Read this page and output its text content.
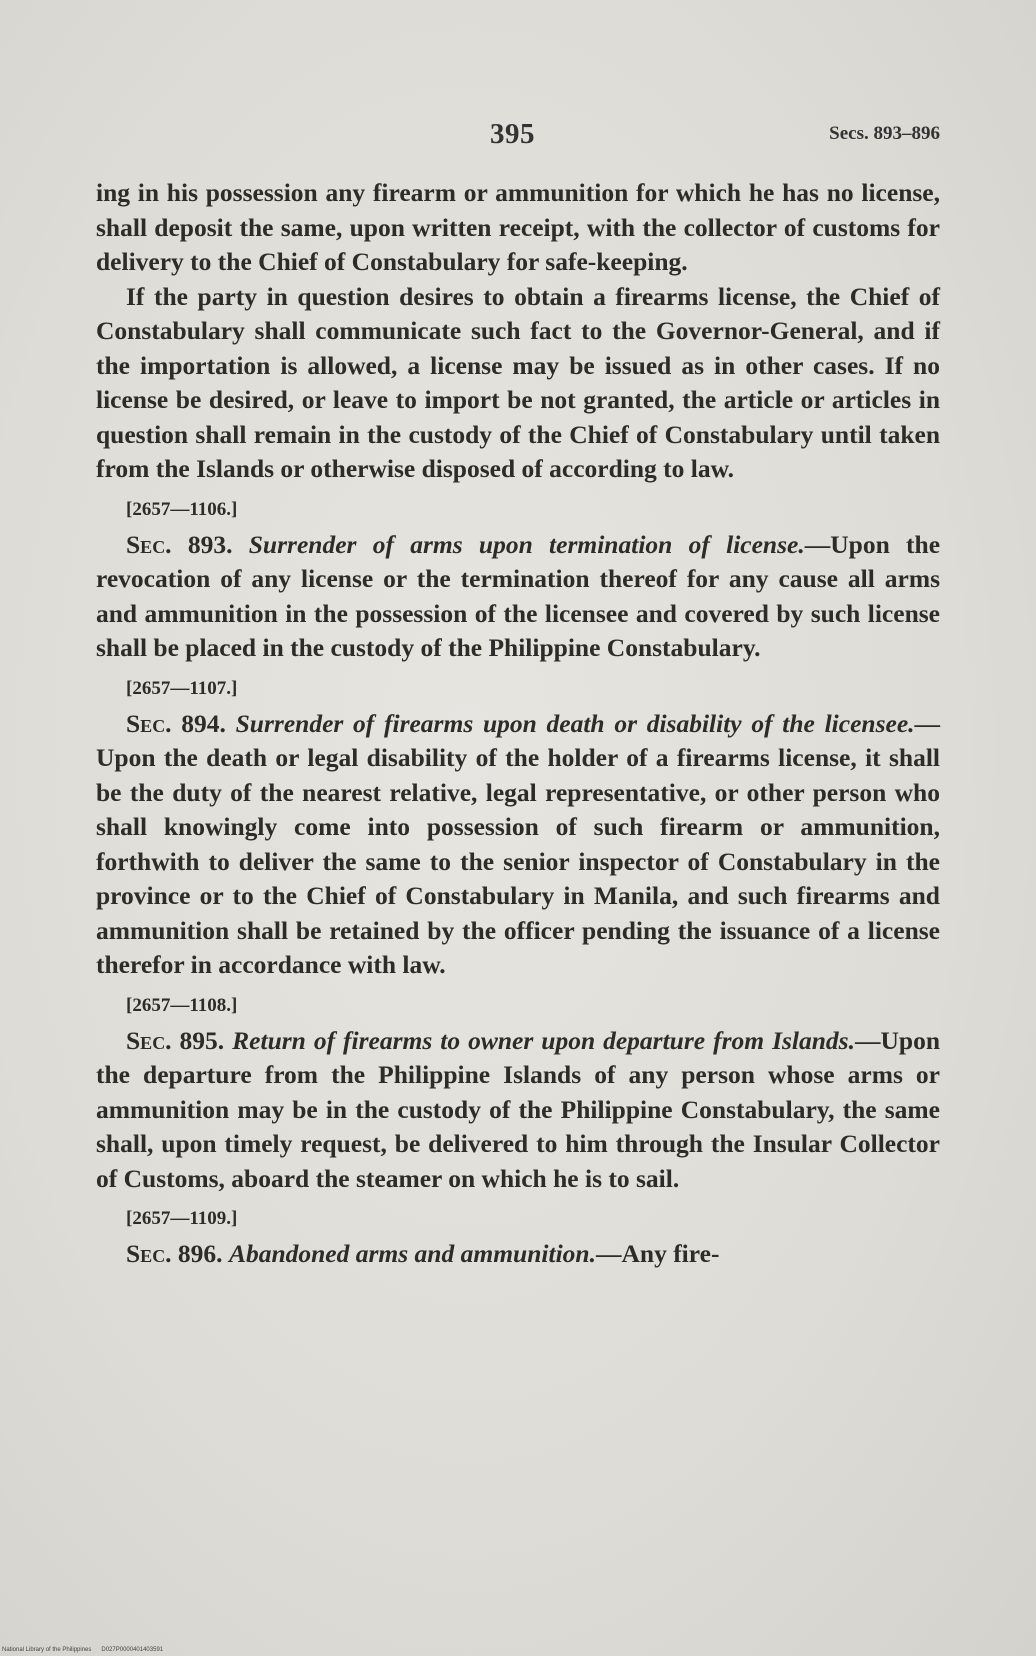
395	Secs. 893–896

ing in his possession any firearm or ammunition for which he has no license, shall deposit the same, upon written receipt, with the collector of customs for delivery to the Chief of Constabulary for safe-keeping.

If the party in question desires to obtain a firearms license, the Chief of Constabulary shall communicate such fact to the Governor-General, and if the importation is allowed, a license may be issued as in other cases. If no license be desired, or leave to import be not granted, the article or articles in question shall remain in the custody of the Chief of Constabulary until taken from the Islands or otherwise disposed of according to law.

[2657—1106.]

Sec. 893. Surrender of arms upon termination of license.—Upon the revocation of any license or the termination thereof for any cause all arms and ammunition in the possession of the licensee and covered by such license shall be placed in the custody of the Philippine Constabulary.

[2657—1107.]

Sec. 894. Surrender of firearms upon death or disability of the licensee.—Upon the death or legal disability of the holder of a firearms license, it shall be the duty of the nearest relative, legal representative, or other person who shall knowingly come into possession of such firearm or ammunition, forthwith to deliver the same to the senior inspector of Constabulary in the province or to the Chief of Constabulary in Manila, and such firearms and ammunition shall be retained by the officer pending the issuance of a license therefor in accordance with law.

[2657—1108.]

Sec. 895. Return of firearms to owner upon departure from Islands.—Upon the departure from the Philippine Islands of any person whose arms or ammunition may be in the custody of the Philippine Constabulary, the same shall, upon timely request, be delivered to him through the Insular Collector of Customs, aboard the steamer on which he is to sail.

[2657—1109.]

Sec. 896. Abandoned arms and ammunition.—Any fire-

National Library of the Philippines D027P0000401403591
